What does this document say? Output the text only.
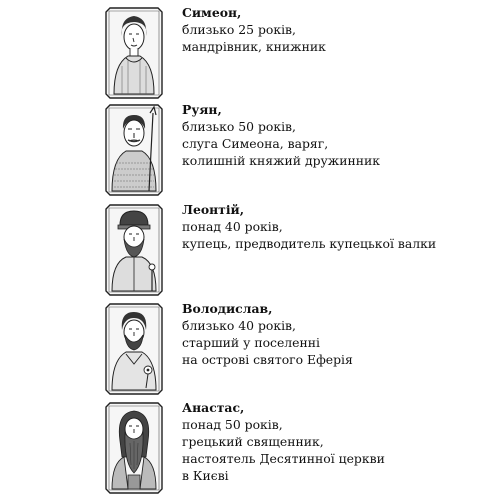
Симеон,
близько 25 років,
мандрівник, книжник
Руян,
близько 50 років,
слуга Симеона, варяг,
колишній княжий дружинник
Леонтій,
понад 40 років,
купець, предводитель купецької валки
Володислав,
близько 40 років,
старший у поселенні
на острові святого Еферія
Анастас,
понад 50 років,
грецький священник,
настоятель Десятинної церкви
в Києві
